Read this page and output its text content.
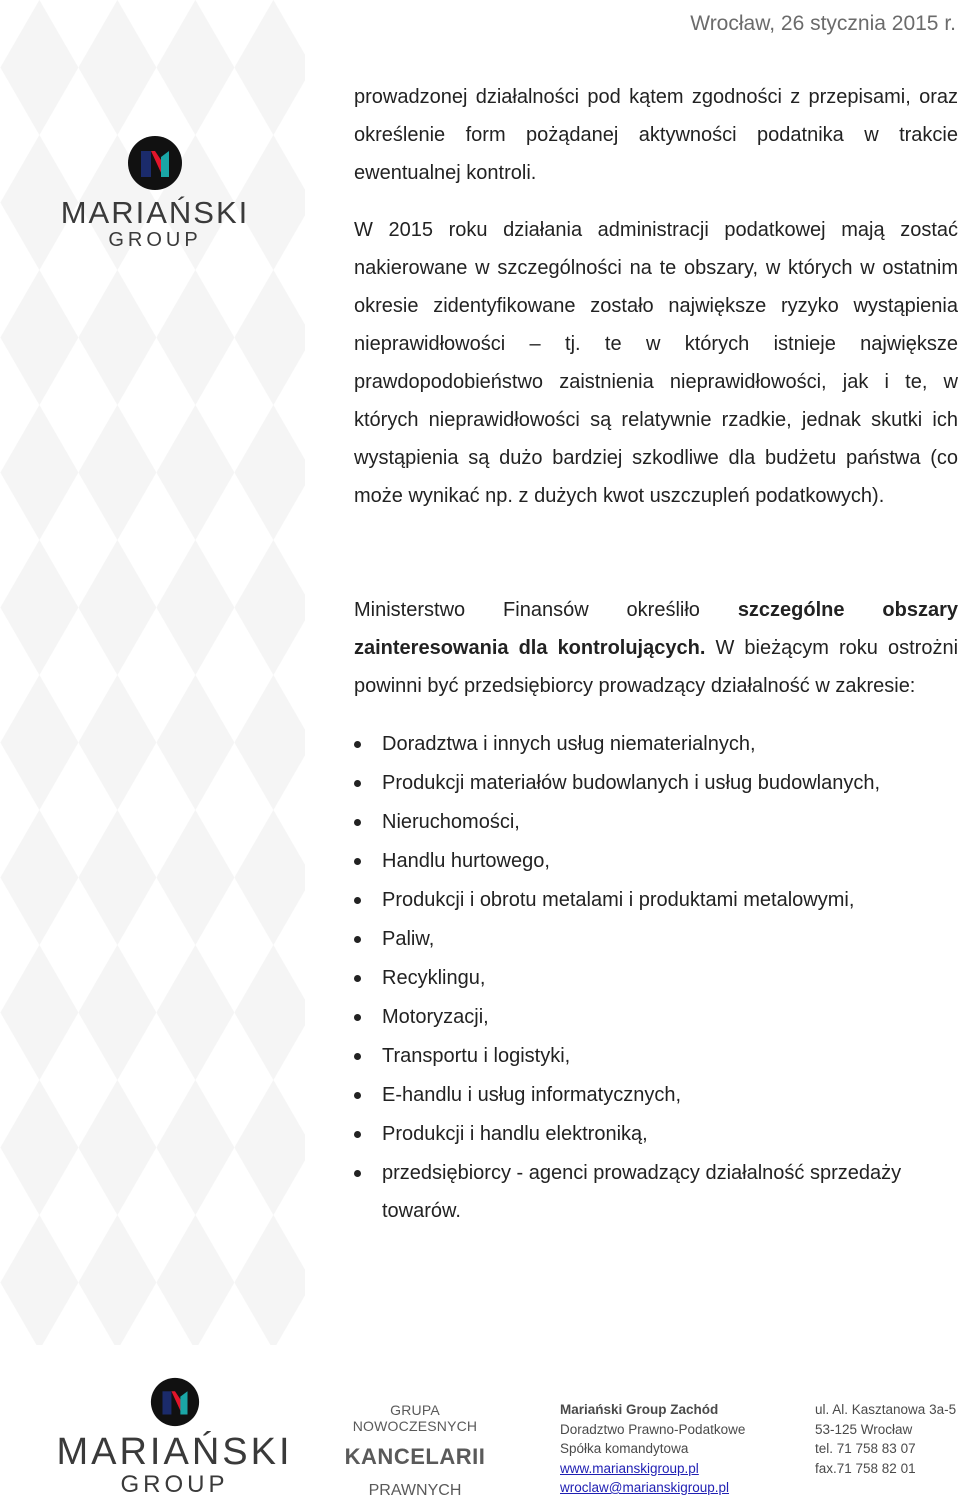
Wrocław, 26 stycznia 2015 r.
MARIAŃSKI
GROUP

prowadzonej działalności pod kątem zgodności z przepisami, oraz określenie form pożądanej aktywności podatnika w trakcie ewentualnej kontroli.

W 2015 roku działania administracji podatkowej mają zostać nakierowane w szczególności na te obszary, w których w ostatnim okresie zidentyfikowane zostało największe ryzyko wystąpienia nieprawidłowości – tj. te w których istnieje największe prawdopodobieństwo zaistnienia nieprawidłowości, jak i te, w których nieprawidłowości są relatywnie rzadkie, jednak skutki ich wystąpienia są dużo bardziej szkodliwe dla budżetu państwa (co może wynikać np. z dużych kwot uszczupleń podatkowych).

Ministerstwo Finansów określiło szczególne obszary zainteresowania dla kontrolujących. W bieżącym roku ostrożni powinni być przedsiębiorcy prowadzący działalność w zakresie:

Doradztwa i innych usług niematerialnych,
Produkcji materiałów budowlanych i usług budowlanych,
Nieruchomości,
Handlu hurtowego,
Produkcji i obrotu metalami i produktami metalowymi,
Paliw,
Recyklingu,
Motoryzacji,
Transportu i logistyki,
E-handlu i usług informatycznych,
Produkcji i handlu elektroniką,
przedsiębiorcy - agenci prowadzący działalność sprzedaży towarów.
MARIAŃSKI
GROUP
GRUPA NOWOCZESNYCH
KANCELARII
PRAWNYCH
Mariański Group Zachód
Doradztwo Prawno-Podatkowe
Spółka komandytowa
www.marianskigroup.pl
wroclaw@marianskigroup.pl
ul. Al. Kasztanowa 3a-5
53-125 Wrocław
tel. 71 758 83 07
fax.71 758 82 01
